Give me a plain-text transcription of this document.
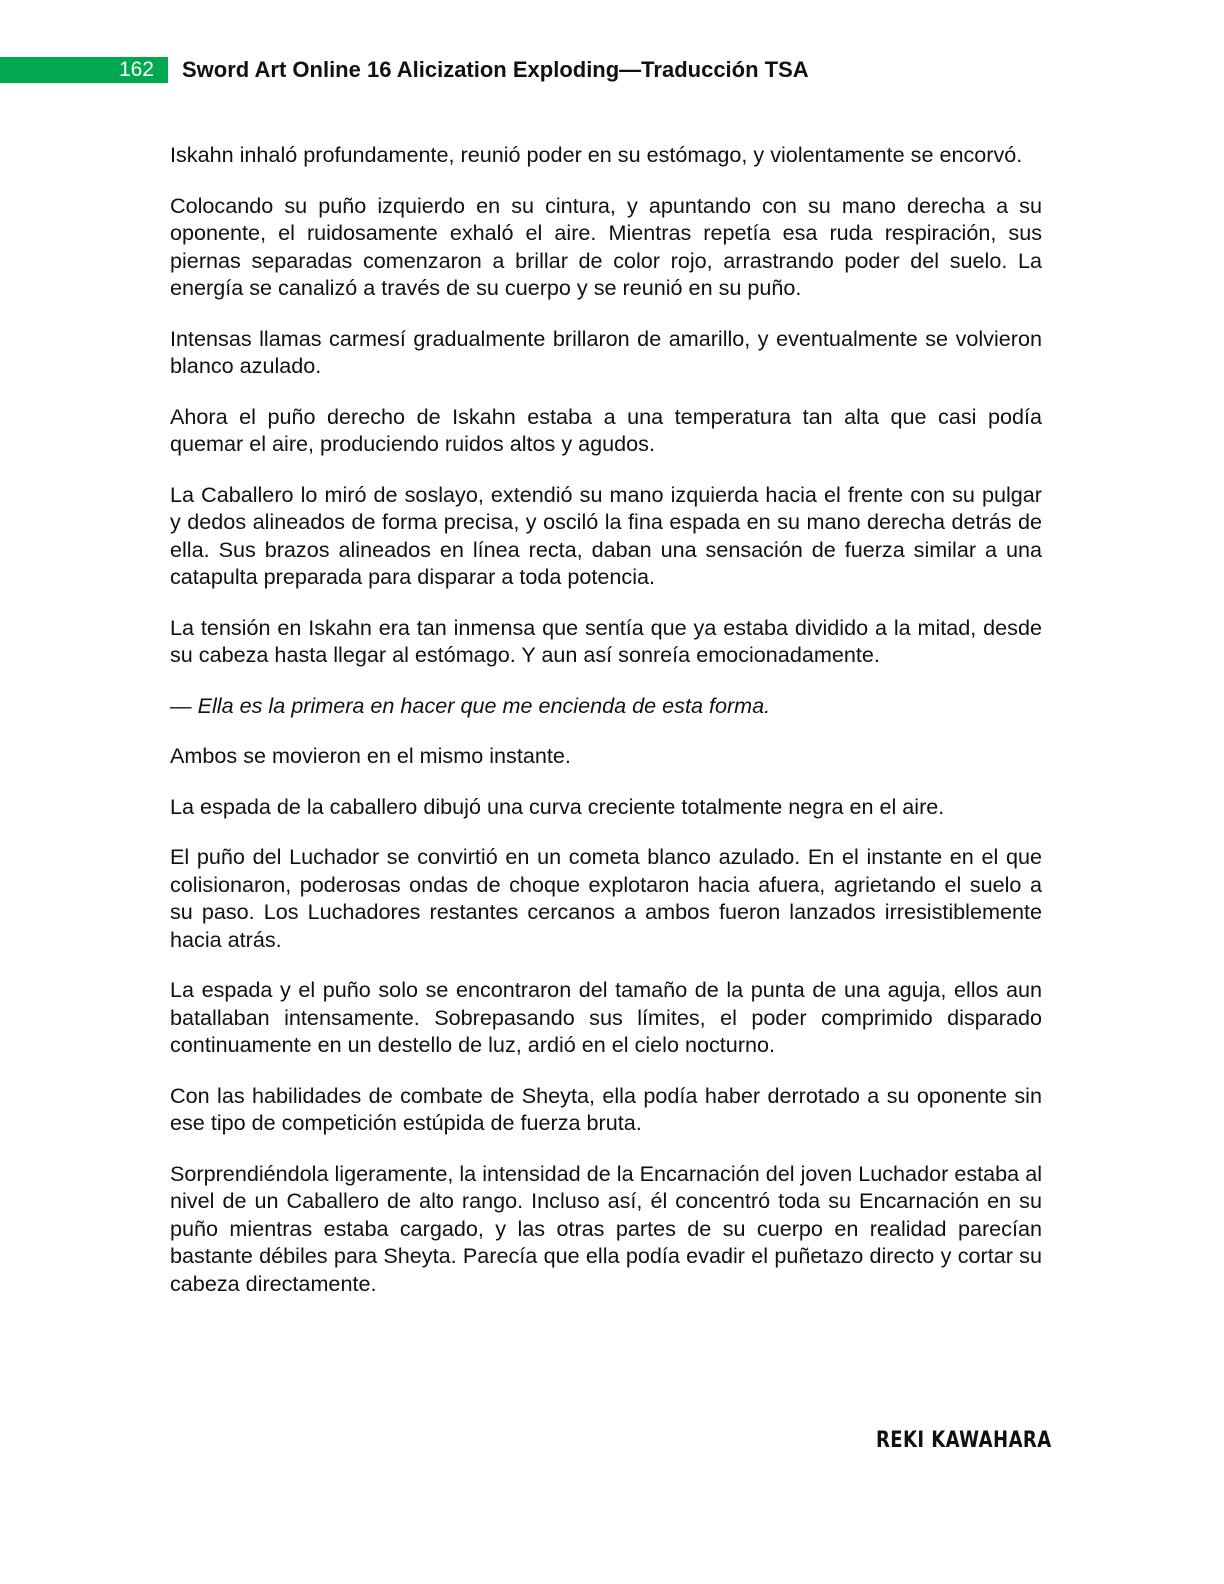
162 Sword Art Online 16 Alicization Exploding—Traducción TSA

Iskahn inhaló profundamente, reunió poder en su estómago, y violentamente se encorvó.

Colocando su puño izquierdo en su cintura, y apuntando con su mano derecha a su oponente, el ruidosamente exhaló el aire. Mientras repetía esa ruda respiración, sus piernas separadas comenzaron a brillar de color rojo, arrastrando poder del suelo. La energía se canalizó a través de su cuerpo y se reunió en su puño.

Intensas llamas carmesí gradualmente brillaron de amarillo, y eventualmente se volvieron blanco azulado.

Ahora el puño derecho de Iskahn estaba a una temperatura tan alta que casi podía quemar el aire, produciendo ruidos altos y agudos.

La Caballero lo miró de soslayo, extendió su mano izquierda hacia el frente con su pulgar y dedos alineados de forma precisa, y osciló la fina espada en su mano derecha detrás de ella. Sus brazos alineados en línea recta, daban una sensación de fuerza similar a una catapulta preparada para disparar a toda potencia.

La tensión en Iskahn era tan inmensa que sentía que ya estaba dividido a la mitad, desde su cabeza hasta llegar al estómago. Y aun así sonreía emocionadamente.

— Ella es la primera en hacer que me encienda de esta forma.

Ambos se movieron en el mismo instante.

La espada de la caballero dibujó una curva creciente totalmente negra en el aire.

El puño del Luchador se convirtió en un cometa blanco azulado. En el instante en el que colisionaron, poderosas ondas de choque explotaron hacia afuera, agrietando el suelo a su paso. Los Luchadores restantes cercanos a ambos fueron lanzados irresistiblemente hacia atrás.

La espada y el puño solo se encontraron del tamaño de la punta de una aguja, ellos aun batallaban intensamente. Sobrepasando sus límites, el poder comprimido disparado continuamente en un destello de luz, ardió en el cielo nocturno.

Con las habilidades de combate de Sheyta, ella podía haber derrotado a su oponente sin ese tipo de competición estúpida de fuerza bruta.

Sorprendiéndola ligeramente, la intensidad de la Encarnación del joven Luchador estaba al nivel de un Caballero de alto rango. Incluso así, él concentró toda su Encarnación en su puño mientras estaba cargado, y las otras partes de su cuerpo en realidad parecían bastante débiles para Sheyta. Parecía que ella podía evadir el puñetazo directo y cortar su cabeza directamente.

REKI KAWAHARA
